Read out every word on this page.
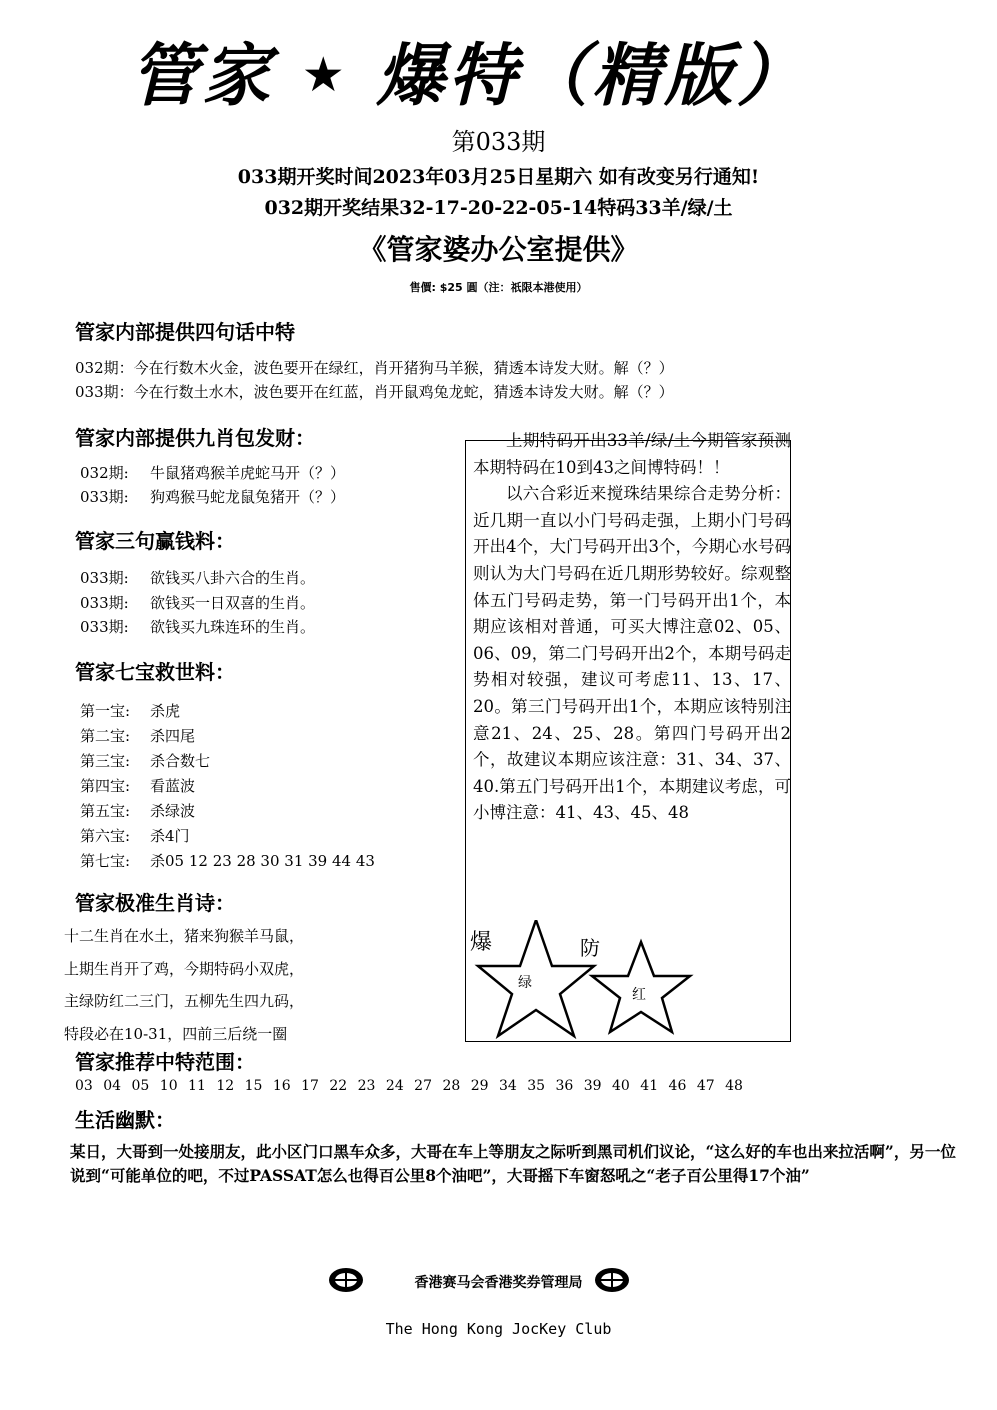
管家 ★ 爆特（精版）
第033期
033期开奖时间2023年03月25日星期六 如有改变另行通知!
032期开奖结果32-17-20-22-05-14特码33羊/绿/土
《管家婆办公室提供》
售價: $25 圓（注：祇限本港使用）
管家内部提供四句话中特
032期：今在行数木火金，波色要开在绿红，肖开猪狗马羊猴，猜透本诗发大财。解（？）
033期：今在行数土水木，波色要开在红蓝，肖开鼠鸡兔龙蛇，猜透本诗发大财。解（？）
管家内部提供九肖包发财：
032期: 牛鼠猪鸡猴羊虎蛇马开（？）
033期: 狗鸡猴马蛇龙鼠兔猪开（？）
管家三句赢钱料：
033期: 欲钱买八卦六合的生肖。
033期: 欲钱买一日双喜的生肖。
033期: 欲钱买九珠连环的生肖。
管家七宝救世料：
第一宝: 杀虎
第二宝: 杀四尾
第三宝: 杀合数七
第四宝: 看蓝波
第五宝: 杀绿波
第六宝: 杀4门
第七宝: 杀05 12 23 28 30 31 39 44 43
管家极准生肖诗：
十二生肖在水土，猪来狗猴羊马鼠，
上期生肖开了鸡，今期特码小双虎，
主绿防红二三门，五柳先生四九码，
特段必在10-31，四前三后绕一圈

上期特码开出33羊/绿/土今期管家预测本期特码在10到43之间博特码！！

以六合彩近来搅珠结果综合走势分析：近几期一直以小门号码走强，上期小门号码开出4个，大门号码开出3个，今期心水号码则认为大门号码在近几期形势较好。综观整体五门号码走势，第一门号码开出1个，本期应该相对普通，可买大博注意02、05、06、09，第二门号码开出2个，本期号码走势相对较强，建议可考虑11、13、17、20。第三门号码开出1个，本期应该特别注意21、24、25、28。第四门号码开出2个，故建议本期应该注意：31、34、37、40.第五门号码开出1个，本期建议考虑，可小博注意：41、43、45、48

爆	防
绿
红
管家推荐中特范围：
03 04 05 10 11 12 15 16 17 22 23 24 27 28 29 34 35 36 39 40 41 46 47 48
生活幽默：
某日，大哥到一处接朋友，此小区门口黑车众多，大哥在车上等朋友之际听到黑司机们议论，“这么好的车也出来拉活啊”，另一位说到“可能单位的吧，不过PASSAT怎么也得百公里8个油吧”，大哥摇下车窗怒吼之“老子百公里得17个油”
香港赛马会香港奖券管理局
The Hong Kong JocKey Club
